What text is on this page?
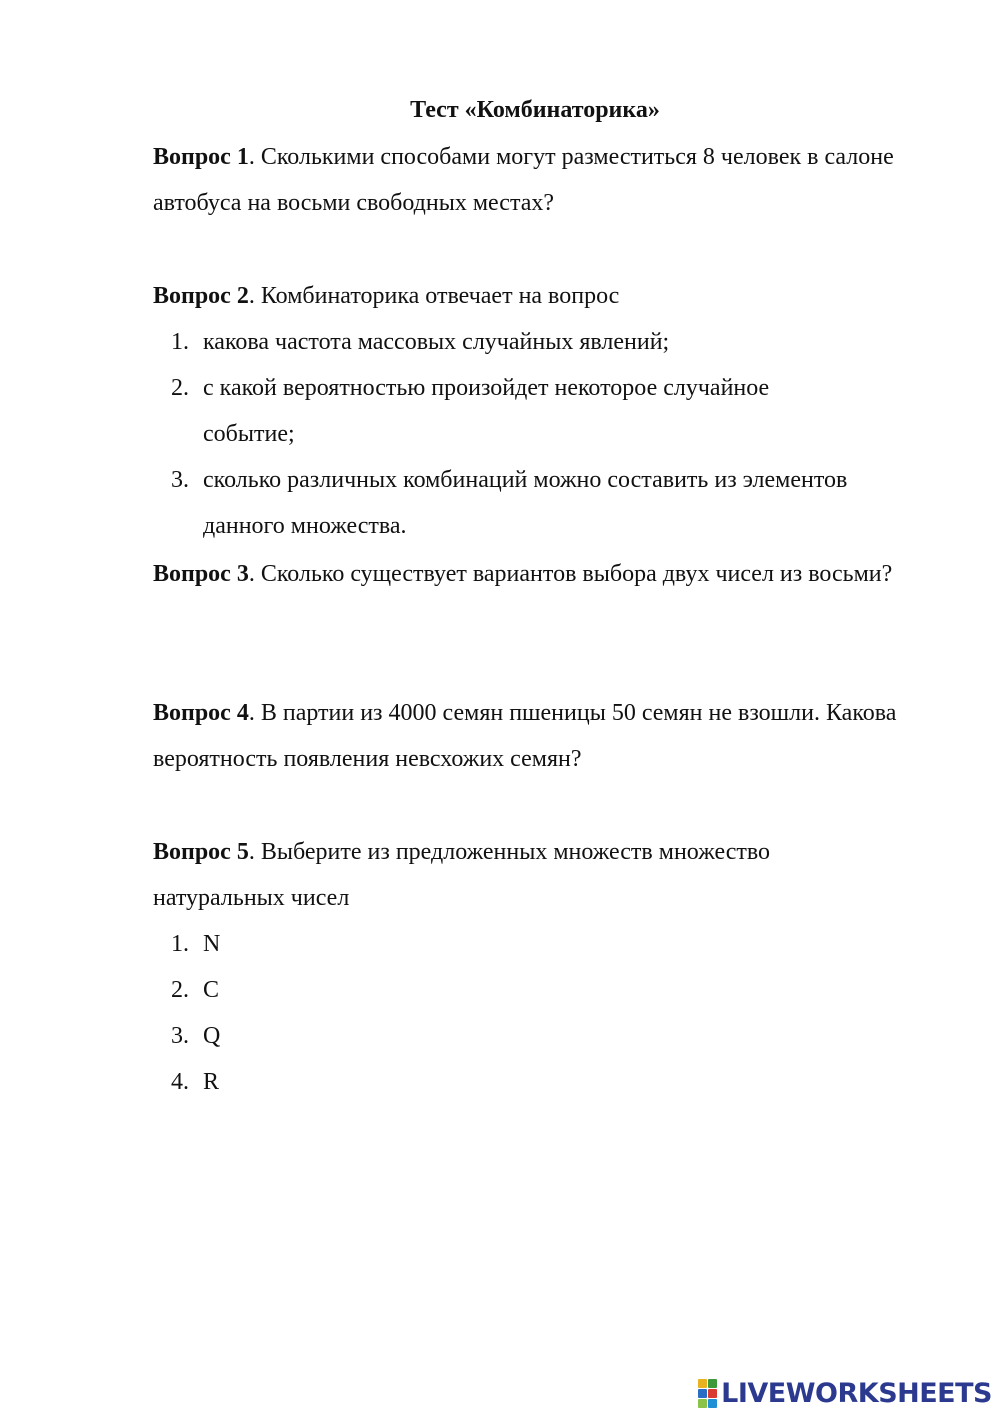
Тест «Комбинаторика»

Вопрос 1. Сколькими способами могут разместиться 8 человек в салоне автобуса на восьми свободных местах?

Вопрос 2. Комбинаторика отвечает на вопрос

1. какова частота массовых случайных явлений;
2. с какой вероятностью произойдет некоторое случайное событие;
3. сколько различных комбинаций можно составить из элементов данного множества.

Вопрос 3. Сколько существует вариантов выбора двух чисел из восьми?

Вопрос 4. В партии из 4000 семян пшеницы 50 семян не взошли. Какова вероятность появления невсхожих семян?

Вопрос 5. Выберите из предложенных множеств множество натуральных чисел

1. N
2. C
3. Q
4. R
LIVEWORKSHEETS
